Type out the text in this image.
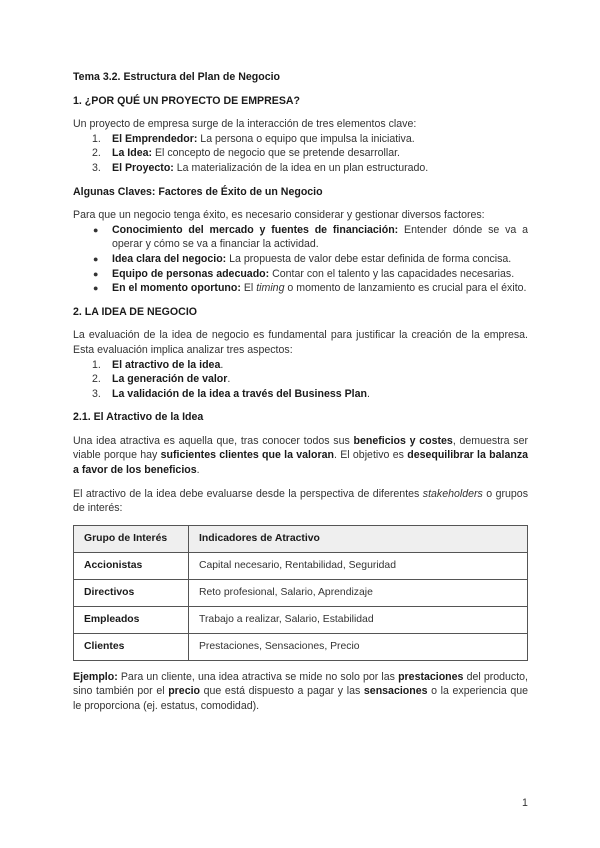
Tema 3.2. Estructura del Plan de Negocio

1. ¿POR QUÉ UN PROYECTO DE EMPRESA?

Un proyecto de empresa surge de la interacción de tres elementos clave:

1. El Emprendedor: La persona o equipo que impulsa la iniciativa.
2. La Idea: El concepto de negocio que se pretende desarrollar.
3. El Proyecto: La materialización de la idea en un plan estructurado.

Algunas Claves: Factores de Éxito de un Negocio

Para que un negocio tenga éxito, es necesario considerar y gestionar diversos factores:

● Conocimiento del mercado y fuentes de financiación: Entender dónde se va a operar y cómo se va a financiar la actividad.
● Idea clara del negocio: La propuesta de valor debe estar definida de forma concisa.
● Equipo de personas adecuado: Contar con el talento y las capacidades necesarias.
● En el momento oportuno: El timing o momento de lanzamiento es crucial para el éxito.

2. LA IDEA DE NEGOCIO

La evaluación de la idea de negocio es fundamental para justificar la creación de la empresa. Esta evaluación implica analizar tres aspectos:

1. El atractivo de la idea.
2. La generación de valor.
3. La validación de la idea a través del Business Plan.

2.1. El Atractivo de la Idea

Una idea atractiva es aquella que, tras conocer todos sus beneficios y costes, demuestra ser viable porque hay suficientes clientes que la valoran. El objetivo es desequilibrar la balanza a favor de los beneficios.

El atractivo de la idea debe evaluarse desde la perspectiva de diferentes stakeholders o grupos de interés:

Grupo de Interés	Indicadores de Atractivo
Accionistas	Capital necesario, Rentabilidad, Seguridad
Directivos	Reto profesional, Salario, Aprendizaje
Empleados	Trabajo a realizar, Salario, Estabilidad
Clientes	Prestaciones, Sensaciones, Precio

Ejemplo: Para un cliente, una idea atractiva se mide no solo por las prestaciones del producto, sino también por el precio que está dispuesto a pagar y las sensaciones o la experiencia que le proporciona (ej. estatus, comodidad).

1
